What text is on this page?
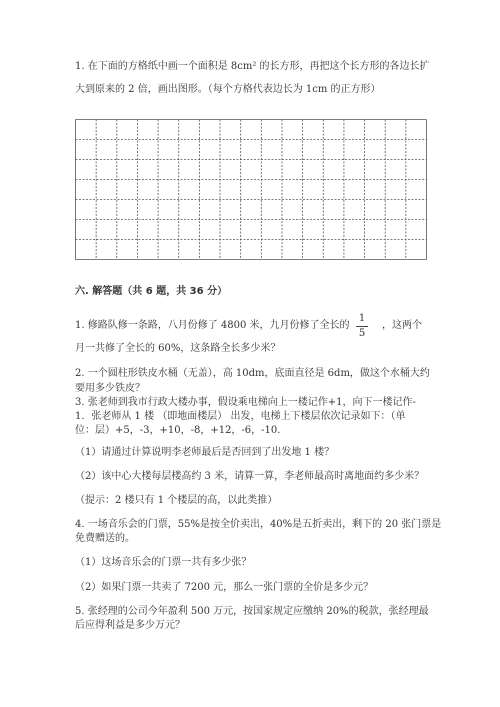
1. 在下面的方格纸中画一个面积是 8cm² 的长方形，再把这个长方形的各边长扩
大到原来的 2 倍，画出图形。（每个方格代表边长为 1cm 的正方形）
六. 解答题（共 6 题，共 36 分）
1. 修路队修一条路，八月份修了 4800 米，九月份修了全长的
1
5
，这两个
月一共修了全长的 60%，这条路全长多少米？
2. 一个圆柱形铁皮水桶（无盖），高 10dm，底面直径是 6dm，做这个水桶大约
要用多少铁皮？
3. 张老师到我市行政大楼办事，假设乘电梯向上一楼记作+1，向下一楼记作-
1．张老师从 1 楼 （即地面楼层） 出发，电梯上下楼层依次记录如下：（单
位：层）+5，-3，+10，-8，+12，-6，-10.
（1）请通过计算说明李老师最后是否回到了出发地 1 楼？
（2）该中心大楼每层楼高约 3 米，请算一算，李老师最高时离地面约多少米？
（提示：2 楼只有 1 个楼层的高，以此类推）
4. 一场音乐会的门票，55%是按全价卖出，40%是五折卖出，剩下的 20 张门票是
免费赠送的。
（1）这场音乐会的门票一共有多少张？
（2）如果门票一共卖了 7200 元，那么一张门票的全价是多少元？
5. 张经理的公司今年盈利 500 万元，按国家规定应缴纳 20%的税款，张经理最
后应得利益是多少万元？
